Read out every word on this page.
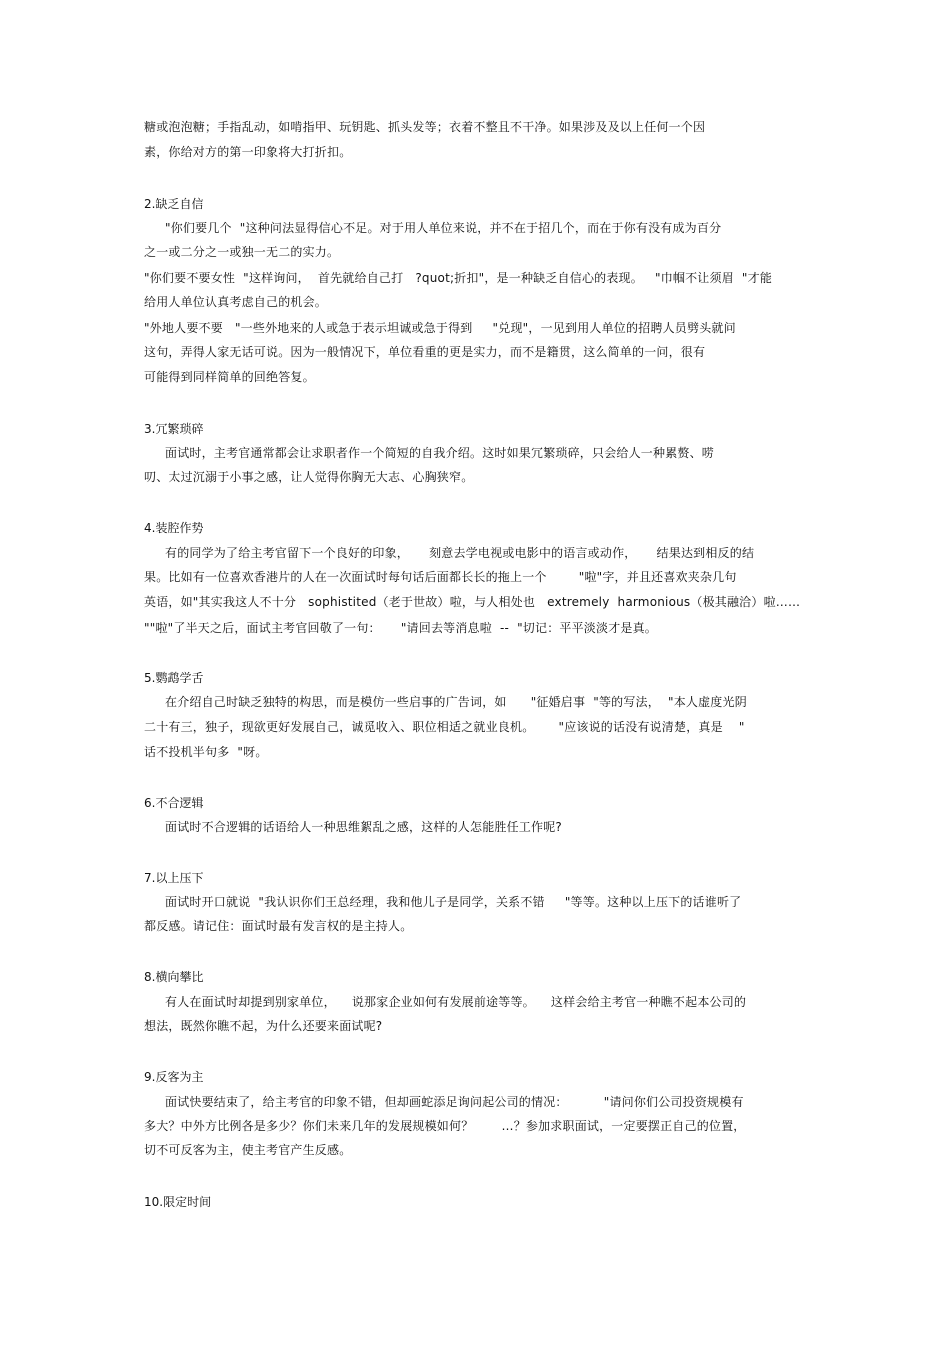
糖或泡泡糖；手指乱动，如啃指甲、玩钥匙、抓头发等；衣着不整且不干净。如果涉及及以上任何一个因
素，你给对方的第一印象将大打折扣。
2.缺乏自信
"你们要几个  "这种问法显得信心不足。对于用人单位来说，并不在于招几个，而在于你有没有成为百分
之一或二分之一或独一无二的实力。
"你们要不要女性  "这样询问，  首先就给自己打   ?quot;折扣"，是一种缺乏自信心的表现。   "巾帼不让须眉  "才能
给用人单位认真考虑自己的机会。
"外地人要不要   "一些外地来的人或急于表示坦诚或急于得到     "兑现"，一见到用人单位的招聘人员劈头就问
这句，弄得人家无话可说。因为一般情况下，单位看重的更是实力，而不是籍贯，这么简单的一问，很有
可能得到同样简单的回绝答复。
3.冗繁琐碎
面试时，主考官通常都会让求职者作一个简短的自我介绍。这时如果冗繁琐碎，只会给人一种累赘、唠
叨、太过沉溺于小事之感，让人觉得你胸无大志、心胸狭窄。
4.装腔作势
有的同学为了给主考官留下一个良好的印象，     刻意去学电视或电影中的语言或动作，     结果达到相反的结
果。比如有一位喜欢香港片的人在一次面试时每句话后面都长长的拖上一个        "啦"字，并且还喜欢夹杂几句
英语，如"其实我这人不十分   sophistited（老于世故）啦，与人相处也   extremely  harmonious（极其融洽）啦……
""啦"了半天之后，面试主考官回敬了一句：     "请回去等消息啦  --  "切记：平平淡淡才是真。
5.鹦鹉学舌
在介绍自己时缺乏独特的构思，而是模仿一些启事的广告词，如      "征婚启事  "等的写法，  "本人虚度光阴
二十有三，独子，现欲更好发展自己，诚觅收入、职位相适之就业良机。      "应该说的话没有说清楚，真是    "
话不投机半句多  "呀。
6.不合逻辑
面试时不合逻辑的话语给人一种思维絮乱之感，这样的人怎能胜任工作呢?
7.以上压下
面试时开口就说  "我认识你们王总经理，我和他儿子是同学，关系不错     "等等。这种以上压下的话谁听了
都反感。请记住：面试时最有发言权的是主持人。
8.横向攀比
有人在面试时却提到别家单位，    说那家企业如何有发展前途等等。    这样会给主考官一种瞧不起本公司的
想法，既然你瞧不起，为什么还要来面试呢?
9.反客为主
面试快要结束了，给主考官的印象不错，但却画蛇添足询问起公司的情况：         "请问你们公司投资规模有
多大？中外方比例各是多少？你们未来几年的发展规模如何？       …？参加求职面试，一定要摆正自己的位置，
切不可反客为主，使主考官产生反感。
10.限定时间
